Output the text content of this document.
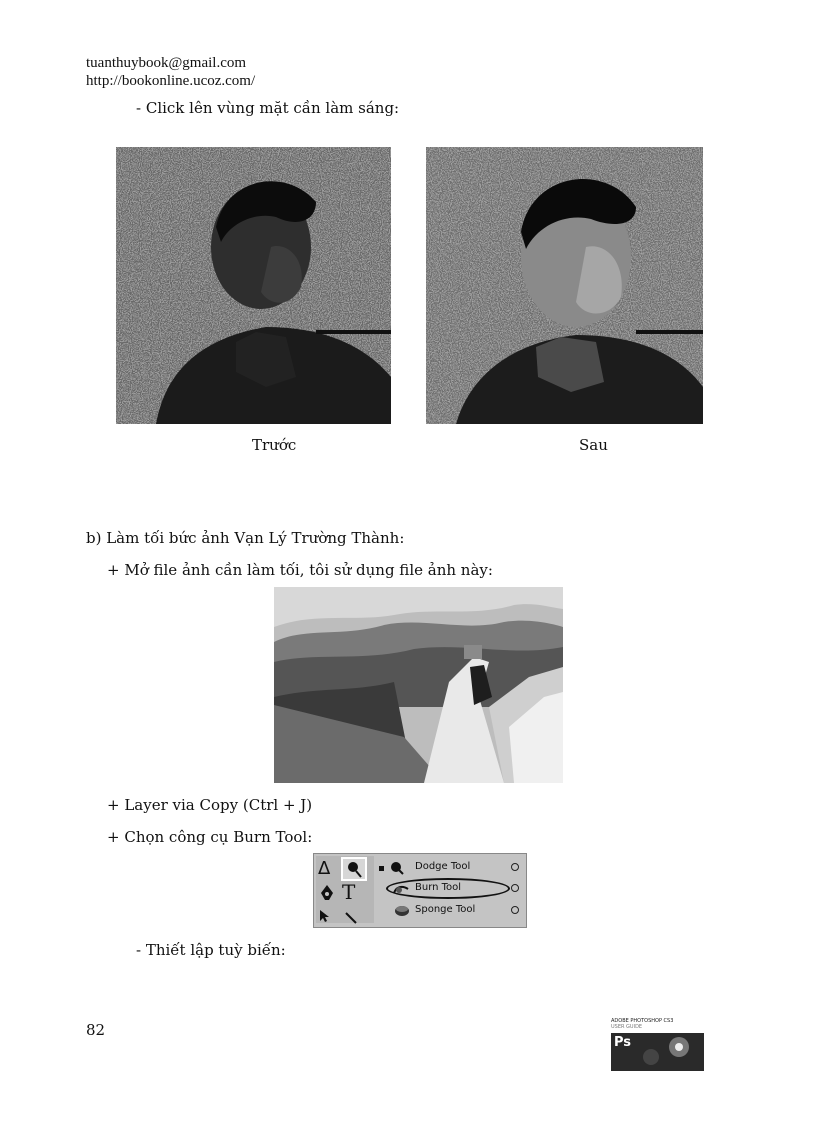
tuanthuybook@gmail.com
http://bookonline.ucoz.com/
- Click lên vùng mặt cần làm sáng:
Trước	Sau
b) Làm tối bức ảnh Vạn Lý Trường Thành:
+ Mở file ảnh cần làm tối, tôi sử dụng file ảnh này:
+ Layer via Copy (Ctrl + J)
+ Chọn công cụ Burn Tool:
Δ
T
Dodge Tool
Burn Tool
Sponge Tool
- Thiết lập tuỳ biến:
82	ADOBE PHOTOSHOP CS3
USER GUIDE
Ps
